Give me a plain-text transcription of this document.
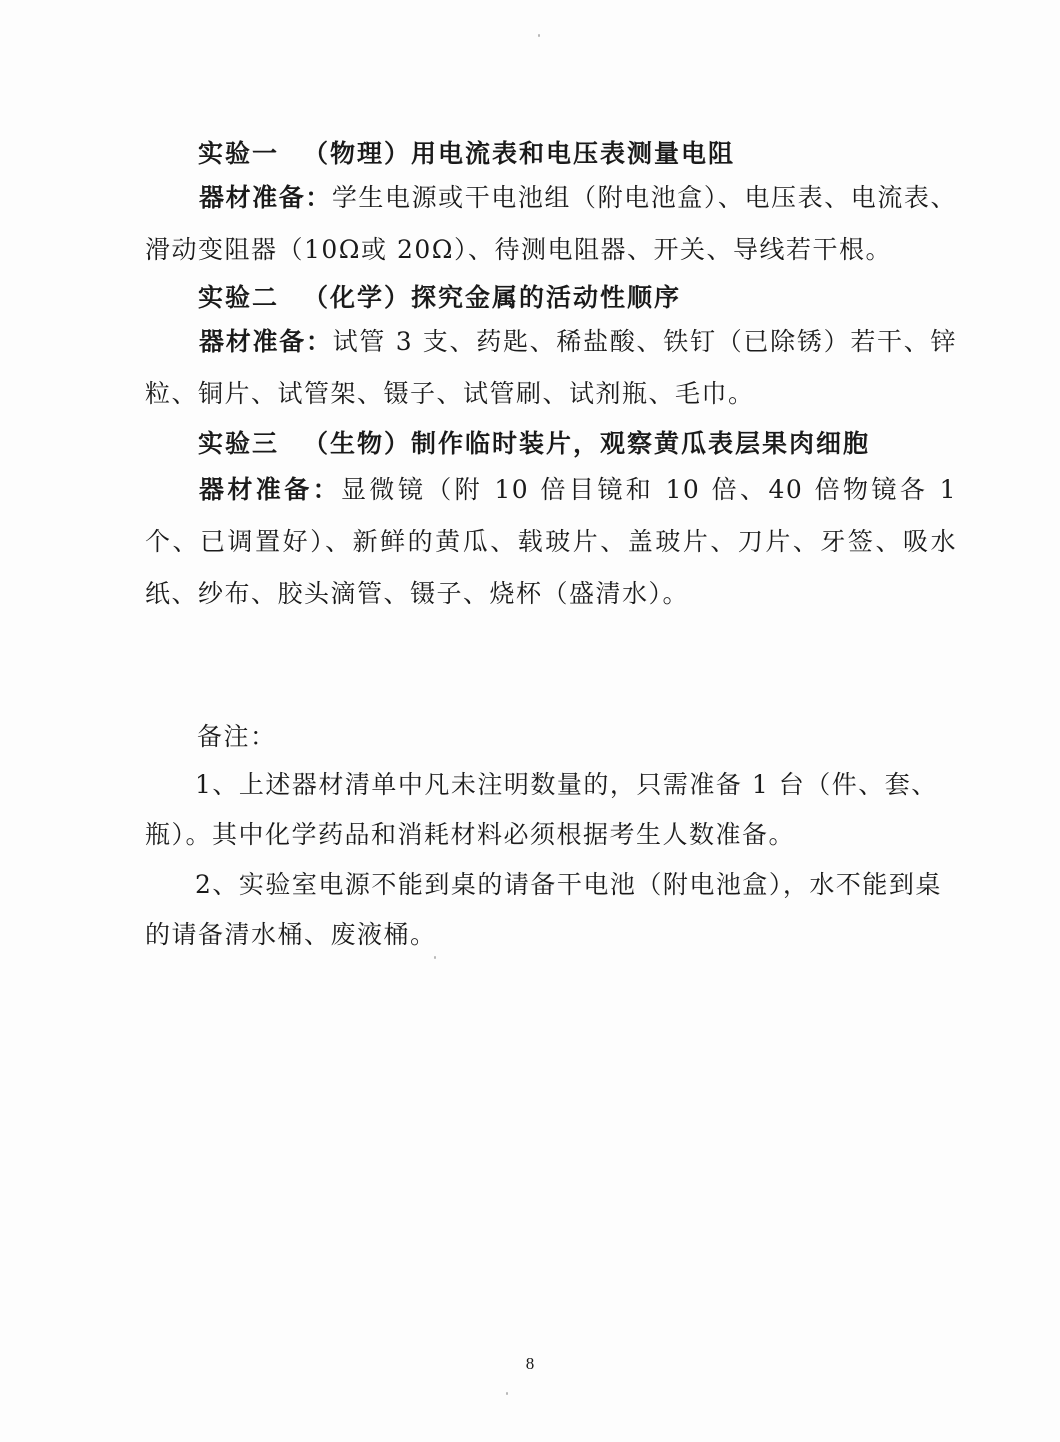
实验一 （物理）用电流表和电压表测量电阻

器材准备：学生电源或干电池组（附电池盒）、电压表、电流表、滑动变阻器（10Ω或 20Ω）、待测电阻器、开关、导线若干根。

实验二 （化学）探究金属的活动性顺序

器材准备：试管 3 支、药匙、稀盐酸、铁钉（已除锈）若干、锌粒、铜片、试管架、镊子、试管刷、试剂瓶、毛巾。

实验三 （生物）制作临时装片，观察黄瓜表层果肉细胞

器材准备：显微镜（附 10 倍目镜和 10 倍、40 倍物镜各 1 个、已调置好）、新鲜的黄瓜、载玻片、盖玻片、刀片、牙签、吸水纸、纱布、胶头滴管、镊子、烧杯（盛清水）。

备注：

1、上述器材清单中凡未注明数量的，只需准备 1 台（件、套、瓶）。其中化学药品和消耗材料必须根据考生人数准备。

2、实验室电源不能到桌的请备干电池（附电池盒），水不能到桌的请备清水桶、废液桶。

8
